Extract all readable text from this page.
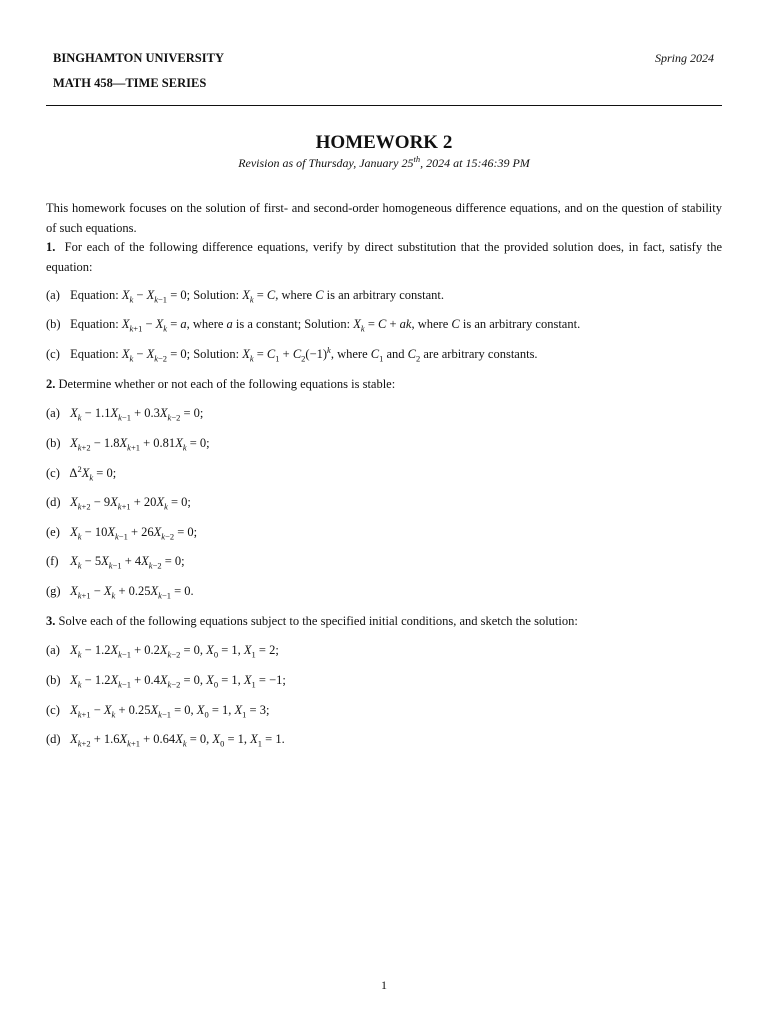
BINGHAMTON UNIVERSITY
MATH 458—TIME SERIES
Spring 2024
HOMEWORK 2
Revision as of Thursday, January 25th, 2024 at 15:46:39 PM
This homework focuses on the solution of first- and second-order homogeneous difference equations, and on the question of stability of such equations.
1. For each of the following difference equations, verify by direct substitution that the provided solution does, in fact, satisfy the equation:
(a) Equation: $X_k - X_{k-1} = 0$; Solution: $X_k = C$, where C is an arbitrary constant.
(b) Equation: $X_{k+1} - X_k = a$, where a is a constant; Solution: $X_k = C$ + ak, where C is an arbitrary constant.
(c) Equation: $X_k - X_{k-2} = 0$; Solution: $X_k = C_1 + C_2(-1)^k$, where $C_1$ and $C_2$ are arbitrary constants.
2. Determine whether or not each of the following equations is stable:
(a) $X_k - 1.1X_{k-1} + 0.3X_{k-2} = 0$;
(b) $X_{k+2} - 1.8X_{k+1} + 0.81X_k = 0$;
(c) $\Delta^2X_k = 0$;
(d) $X_{k+2} - 9X_{k+1} + 20X_k = 0$;
(e) $X_k - 10X_{k-1} + 26X_{k-2} = 0$;
(f) $X_k - 5X_{k-1} + 4X_{k-2} = 0$;
(g) $X_{k+1} - X_k + 0.25X_{k-1} = 0$.
3. Solve each of the following equations subject to the specified initial conditions, and sketch the solution:
(a) $X_k - 1.2X_{k-1} + 0.2X_{k-2} = 0$, $X_0 = 1$, $X_1 = 2$;
(b) $X_k - 1.2X_{k-1} + 0.4X_{k-2} = 0$, $X_0 = 1$, $X_1 = -1$;
(c) $X_{k+1} - X_k + 0.25X_{k-1} = 0$, $X_0 = 1$, $X_1 = 3$;
(d) $X_{k+2} + 1.6X_{k+1} + 0.64X_k = 0$, $X_0 = 1$, $X_1 = 1$.
1
